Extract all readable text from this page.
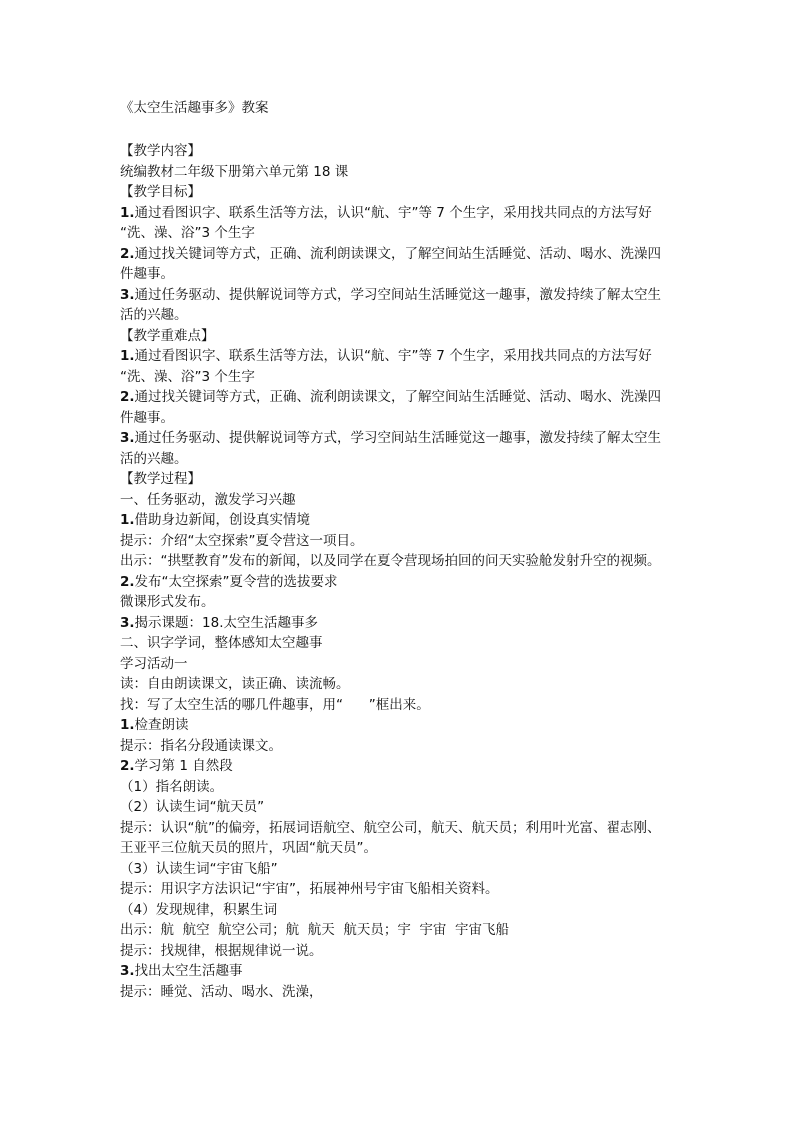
《太空生活趣事多》教案
【教学内容】
统编教材二年级下册第六单元第 18 课
【教学目标】
1.通过看图识字、联系生活等方法，认识“航、宇”等 7 个生字，采用找共同点的方法写好
“洗、澡、浴”3 个生字
2.通过找关键词等方式，正确、流利朗读课文，了解空间站生活睡觉、活动、喝水、洗澡四
件趣事。
3.通过任务驱动、提供解说词等方式，学习空间站生活睡觉这一趣事，激发持续了解太空生
活的兴趣。
【教学重难点】
1.通过看图识字、联系生活等方法，认识“航、宇”等 7 个生字，采用找共同点的方法写好
“洗、澡、浴”3 个生字
2.通过找关键词等方式，正确、流利朗读课文，了解空间站生活睡觉、活动、喝水、洗澡四
件趣事。
3.通过任务驱动、提供解说词等方式，学习空间站生活睡觉这一趣事，激发持续了解太空生
活的兴趣。
【教学过程】
一、任务驱动，激发学习兴趣
1.借助身边新闻，创设真实情境
提示：介绍“太空探索”夏令营这一项目。
出示：“拱墅教育”发布的新闻，以及同学在夏令营现场拍回的问天实验舱发射升空的视频。
2.发布“太空探索”夏令营的选拔要求
微课形式发布。
3.揭示课题：18.太空生活趣事多
二、识字学词，整体感知太空趣事
学习活动一
读：自由朗读课文，读正确、读流畅。
找：写了太空生活的哪几件趣事，用“      ”框出来。
1.检查朗读
提示：指名分段通读课文。
2.学习第 1 自然段
（1）指名朗读。
（2）认读生词“航天员”
提示：认识“航”的偏旁，拓展词语航空、航空公司，航天、航天员；利用叶光富、翟志刚、
王亚平三位航天员的照片，巩固“航天员”。
（3）认读生词“宇宙飞船”
提示：用识字方法识记“宇宙”，拓展神州号宇宙飞船相关资料。
（4）发现规律，积累生词
出示：航  航空  航空公司；航  航天  航天员；宇  宇宙  宇宙飞船
提示：找规律，根据规律说一说。
3.找出太空生活趣事
提示：睡觉、活动、喝水、洗澡，
